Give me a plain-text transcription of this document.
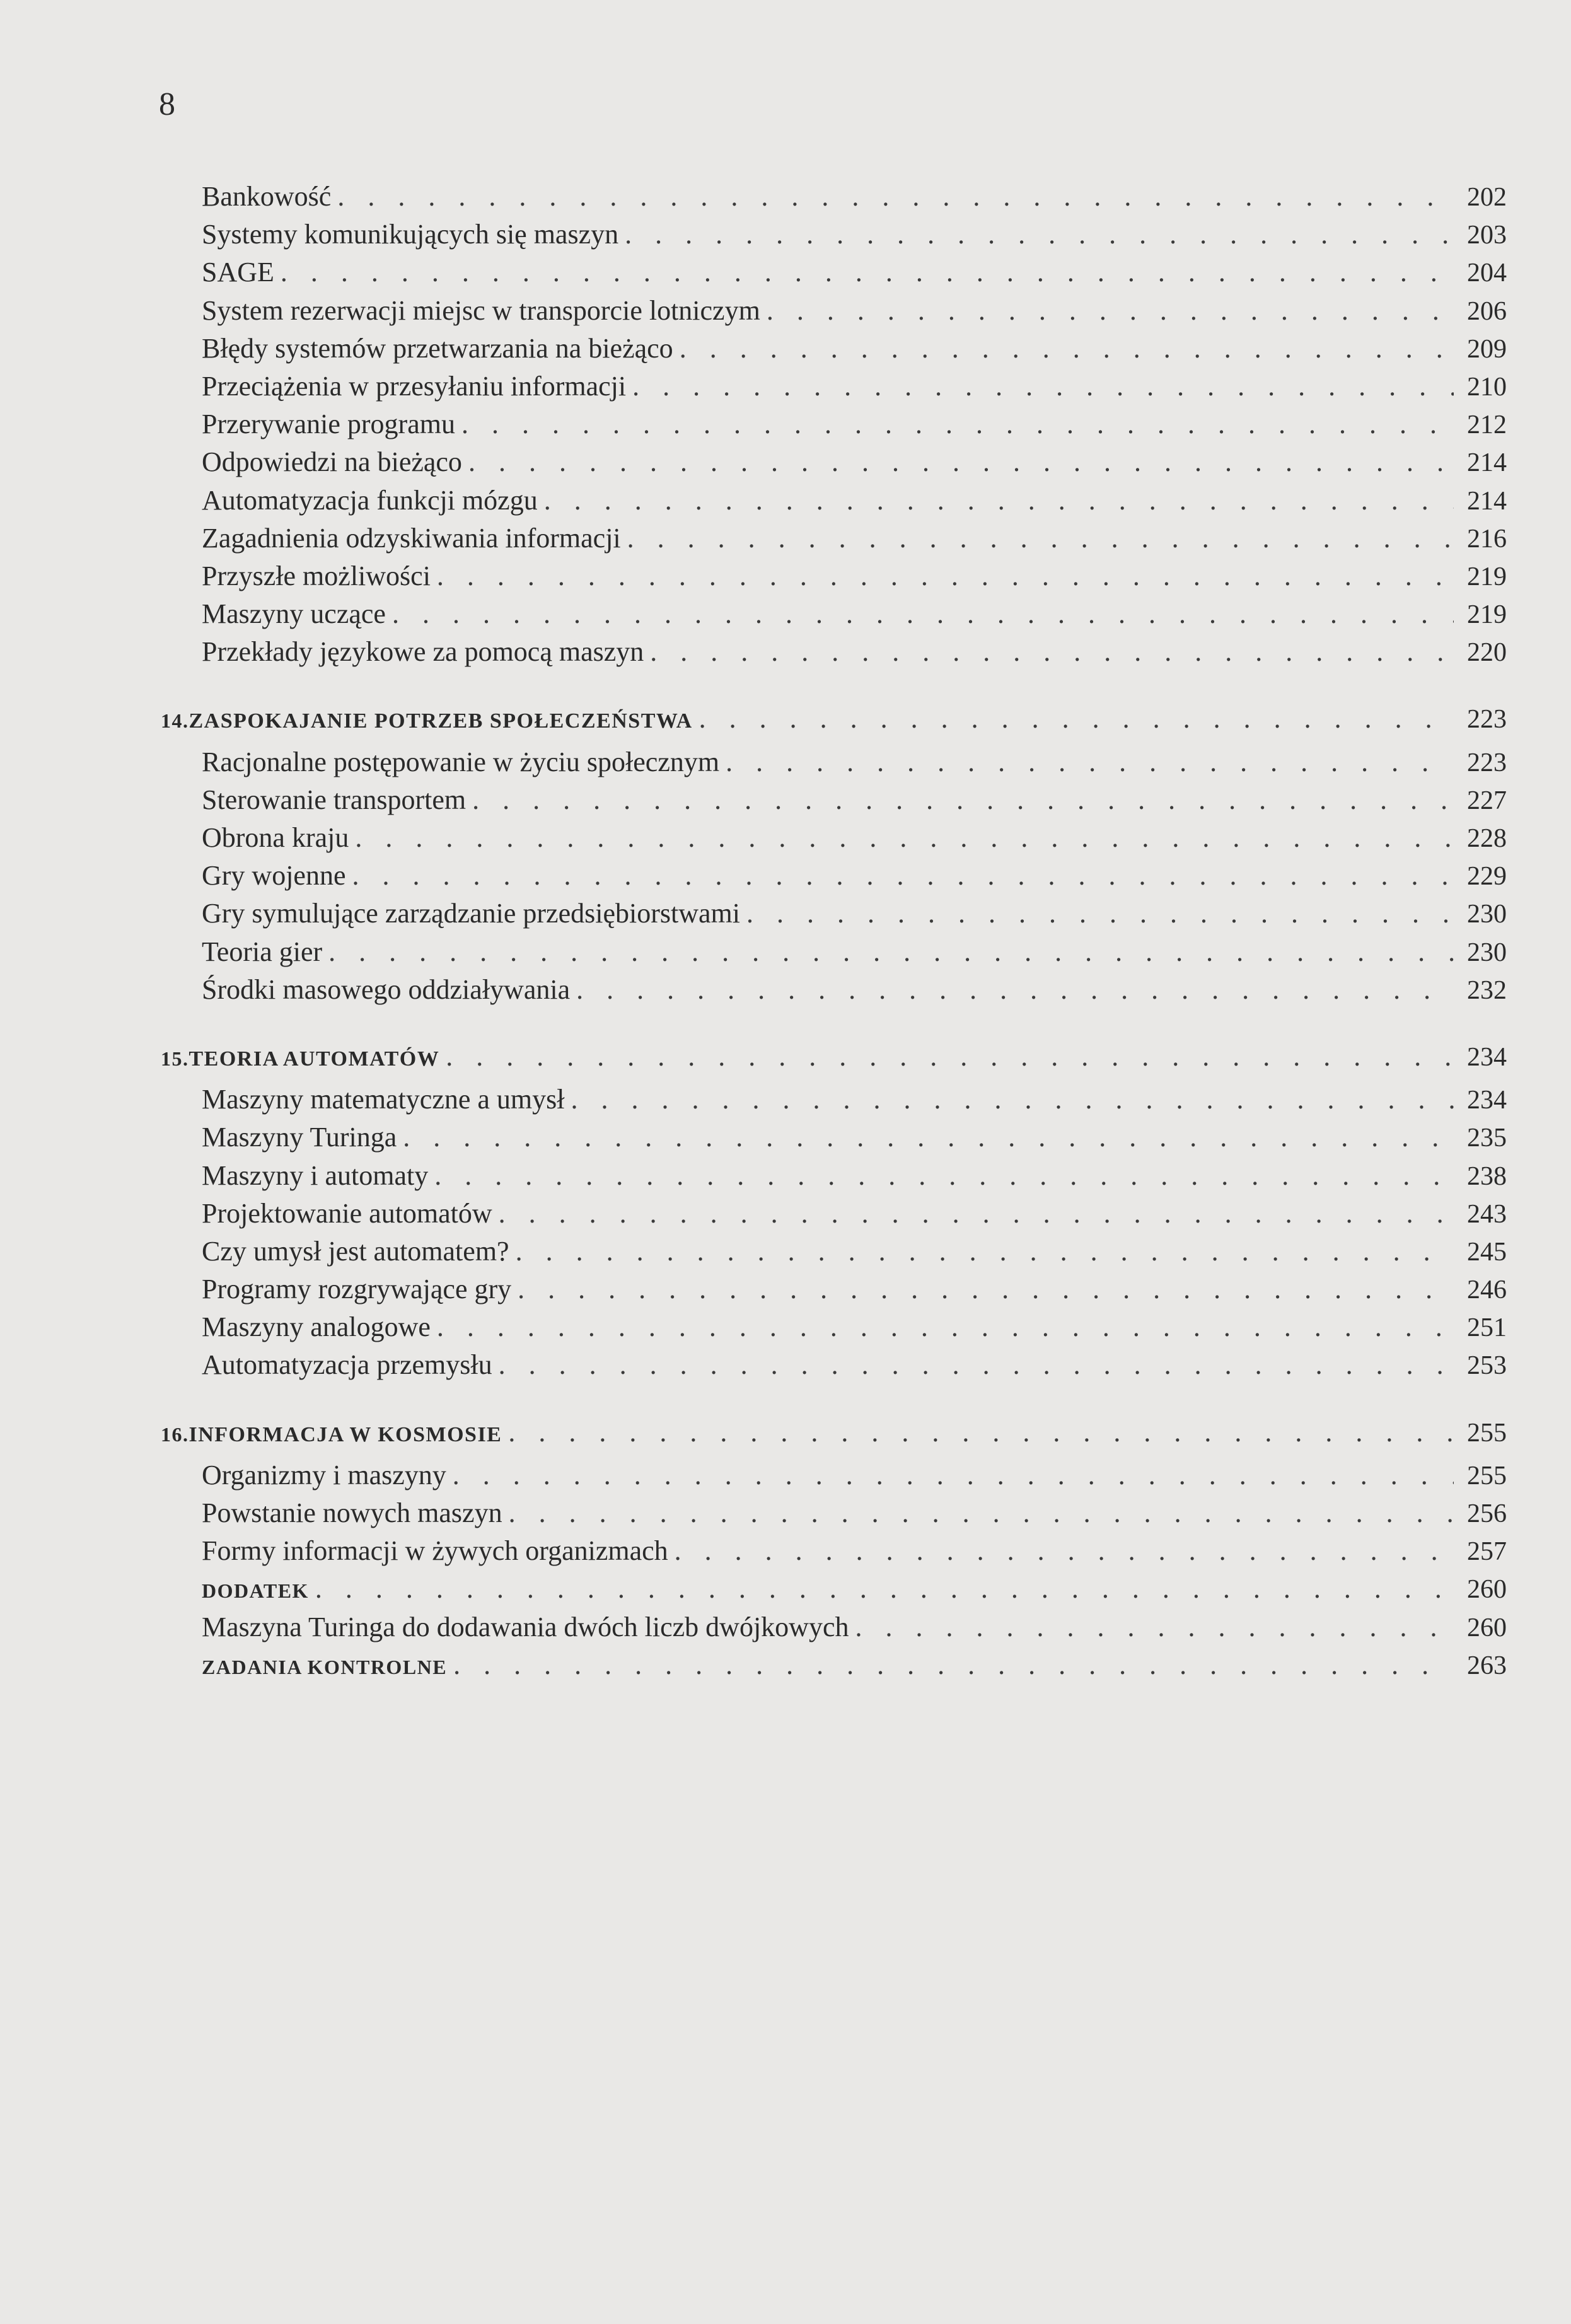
8
Bankowość . . .	202
Systemy komunikujących się maszyn . . .	203
SAGE . . .	204
System rezerwacji miejsc w transporcie lotniczym . . .	206
Błędy systemów przetwarzania na bieżąco . . .	209
Przeciążenia w przesyłaniu informacji . . .	210
Przerywanie programu . . .	212
Odpowiedzi na bieżąco . . .	214
Automatyzacja funkcji mózgu . . .	214
Zagadnienia odzyskiwania informacji . . .	216
Przyszłe możliwości . . .	219
Maszyny uczące . . .	219
Przekłady językowe za pomocą maszyn . . .	220
14. ZASPOKAJANIE POTRZEB SPOŁECZEŃSTWA . . .	223
Racjonalne postępowanie w życiu społecznym . . .	223
Sterowanie transportem . . .	227
Obrona kraju . . .	228
Gry wojenne . . .	229
Gry symulujące zarządzanie przedsiębiorstwami . . .	230
Teoria gier . . .	230
Środki masowego oddziaływania . . .	232
15. TEORIA AUTOMATÓW . . .	234
Maszyny matematyczne a umysł . . .	234
Maszyny Turinga . . .	235
Maszyny i automaty . . .	238
Projektowanie automatów . . .	243
Czy umysł jest automatem? . . .	245
Programy rozgrywające gry . . .	246
Maszyny analogowe . . .	251
Automatyzacja przemysłu . . .	253
16. INFORMACJA W KOSMOSIE . . .	255
Organizmy i maszyny . . .	255
Powstanie nowych maszyn . . .	256
Formy informacji w żywych organizmach . . .	257
DODATEK . . .	260
Maszyna Turinga do dodawania dwóch liczb dwójkowych . . .	260
ZADANIA KONTROLNE . . .	263
